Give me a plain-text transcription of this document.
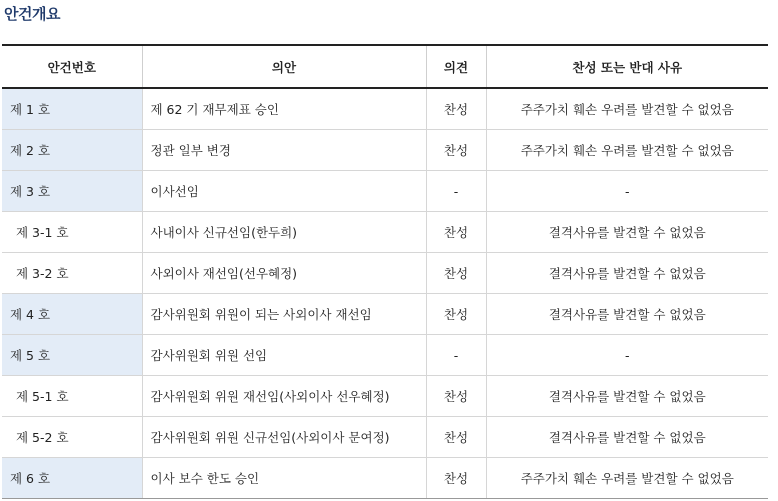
안건개요
안건번호	의안	의견	찬성 또는 반대 사유
제 1 호	제 62 기 재무제표 승인	찬성	주주가치 훼손 우려를 발견할 수 없었음
제 2 호	정관 일부 변경	찬성	주주가치 훼손 우려를 발견할 수 없었음
제 3 호	이사선임	-	-
제 3-1 호	사내이사 신규선임(한두희)	찬성	결격사유를 발견할 수 없었음
제 3-2 호	사외이사 재선임(선우혜정)	찬성	결격사유를 발견할 수 없었음
제 4 호	감사위원회 위원이 되는 사외이사 재선임	찬성	결격사유를 발견할 수 없었음
제 5 호	감사위원회 위원 선임	-	-
제 5-1 호	감사위원회 위원 재선임(사외이사 선우혜정)	찬성	결격사유를 발견할 수 없었음
제 5-2 호	감사위원회 위원 신규선임(사외이사 문여정)	찬성	결격사유를 발견할 수 없었음
제 6 호	이사 보수 한도 승인	찬성	주주가치 훼손 우려를 발견할 수 없었음
